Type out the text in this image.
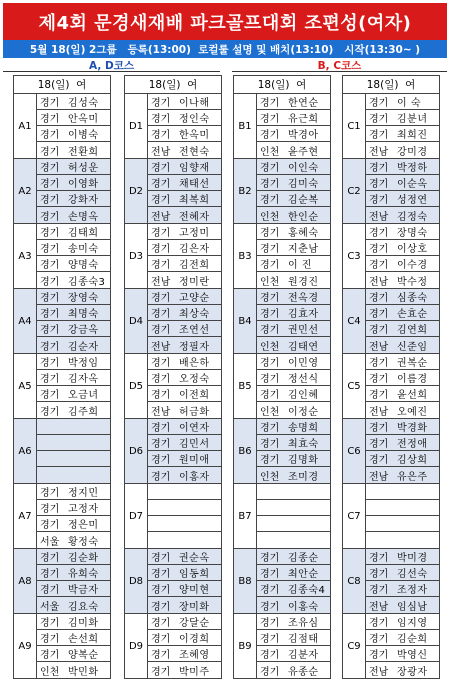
제4회 문경새재배 파크골프대회 조편성(여자)
5월 18(일) 2그룹   등록(13:00)  로컬룰 설명 및 배치(13:10)   시작(13:30~ )
A, D코스	B, C코스
18(일)  여
A1
경기 김성숙
경기 안옥미
경기 이병숙
경기 전환희
A2
경기 허성운
경기 이영화
경기 강화자
경기 손명옥
A3
경기 김태희
경기 송미숙
경기 양명숙
경기 김종숙3
A4
경기 장영숙
경기 최명숙
경기 강금옥
경기 김순자
A5
경기 박정임
경기 김자옥
경기 오금녀
경기 김주희
A6
A7
경기 정지민
경기 고정자
경기 정은미
서울 황정숙
A8
경기 김순화
경기 유희숙
경기 박금자
서울 김요숙
A9
경기 김미화
경기 손선희
경기 양복순
인천 박민화
18(일)  여
D1
경기 이나해
경기 정인숙
경기 한옥미
전남 전현숙
D2
경기 임향재
경기 채태선
경기 최복희
전남 전혜자
D3
경기 고정미
경기 김은자
경기 김전희
전남 정미란
D4
경기 고양순
경기 최상숙
경기 조연선
전남 정필자
D5
경기 배은하
경기 오정숙
경기 이전희
전남 허금화
D6
경기 이연자
경기 김민서
경기 원미애
경기 이홍자
D7
D8
경기 권순옥
경기 임동희
경기 양미현
경기 장미화
D9
경기 강달순
경기 이경희
경기 조혜영
경기 박미주
18(일)  여
B1
경기 한연순
경기 유근희
경기 박경아
인천 윤주현
B2
경기 이인숙
경기 김미숙
경기 김순복
인천 한인순
B3
경기 홍혜숙
경기 지춘남
경기 이 진
인천 원경진
B4
경기 전옥경
경기 김효자
경기 권민선
인천 김태연
B5
경기 이민영
경기 정선식
경기 김인혜
인천 이정순
B6
경기 송명희
경기 최효숙
경기 김명화
인천 조미경
B7
B8
경기 김종순
경기 최안순
경기 김종숙4
경기 이홍숙
B9
경기 조유심
경기 김점태
경기 김분자
경기 유종순
18(일)  여
C1
경기 이 숙
경기 김분녀
경기 최희진
전남 강미경
C2
경기 박정하
경기 이순옥
경기 성정연
전남 김정숙
C3
경기 장명숙
경기 이상호
경기 이수경
전남 박수정
C4
경기 심종숙
경기 손효순
경기 김연희
전남 신준임
C5
경기 권복순
경기 이름경
경기 윤선희
전남 오예진
C6
경기 박경화
경기 전정애
경기 김상희
전남 유은주
C7
C8
경기 박미경
경기 김선숙
경기 조정자
전남 임심남
C9
경기 임지영
경기 김순희
경기 박영신
전남 장광자
